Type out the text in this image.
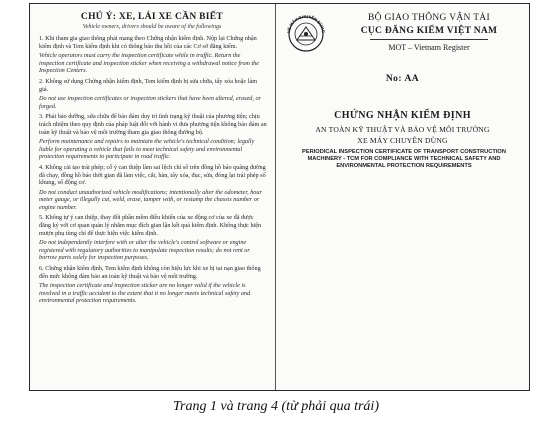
CHÚ Ý: XE, LÁI XE CẦN BIẾT
Vehicle owners, drivers should be aware of the followings

1. Khi tham gia giao thông phải mang theo Chứng nhận kiểm định. Nộp lại Chứng nhận kiểm định và Tem kiểm định khi có thông báo thu hồi của các Cơ sở đăng kiểm.

Vehicle operators must carry the inspection certificate while in traffic. Return the inspection certificate and inspection sticker when receiving a withdrawal notice from the Inspection Centers.

2. Không sử dụng Chứng nhận kiểm định, Tem kiểm định bị sửa chữa, tẩy xóa hoặc làm giả.

Do not use inspection certificates or inspection stickers that have been altered, erased, or forged.

3. Phải bảo dưỡng, sửa chữa để bảo đảm duy trì tình trạng kỹ thuật của phương tiện; chịu trách nhiệm theo quy định của pháp luật đối với hành vi đưa phương tiện không bảo đảm an toàn kỹ thuật và bảo vệ môi trường tham gia giao thông đường bộ.

Perform maintenance and repairs to maintain the vehicle's technical condition; legally liable for operating a vehicle that fails to meet technical safety and environmental protection requirements to participate in road traffic.

4. Không cải tạo trái phép; cố ý can thiệp làm sai lệch chỉ số trên đồng hồ báo quãng đường đã chạy, đồng hồ báo thời gian đã làm việc, cắt, hàn, tẩy xóa, đục, sửa, đóng lại trái phép số khung, số động cơ.

Do not conduct unauthorized vehicle modifications; intentionally alter the odometer, hour meter gauge, or illegally cut, weld, erase, tamper with, or restamp the chassis number or engine number.

5. Không tự ý can thiệp, thay đổi phần mềm điều khiển của xe động cơ của xe đã được đăng ký với cơ quan quản lý nhằm mục đích gian lận kết quả kiểm định. Không thực hiện mượn phụ tùng chỉ để thực hiện việc kiểm định.

Do not independently interfere with or alter the vehicle's control software or engine registered with regulatory authorities to manipulate inspection results; do not rent or borrow parts solely for inspection purposes.

6. Chứng nhận kiểm định, Tem kiểm định không còn hiệu lực khi xe bị tai nạn giao thông đến mức không đảm bảo an toàn kỹ thuật và bảo vệ môi trường.

The inspection certificate and inspection sticker are no longer valid if the vehicle is involved in a traffic accident to the extent that it no longer meets technical safety and environmental protection requirements.

VẺ MÁY CHUYÊN DÙNG
BỘ GIAO THÔNG VẬN TẢI
CỤC ĐĂNG KIỂM VIỆT NAM
MOT – Vietnam Register
No: AA
CHỨNG NHẬN KIỂM ĐỊNH
AN TOÀN KỸ THUẬT VÀ BẢO VỆ MÔI TRƯỜNG
XE MÁY CHUYÊN DÙNG
PERIODICAL INSPECTION CERTIFICATE OF TRANSPORT CONSTRUCTION MACHINERY - TCM FOR COMPLIANCE WITH TECHNICAL SAFETY AND ENVIRONMENTAL PROTECTION REQUIREMENTS
Trang 1 và trang 4 (từ phải qua trái)
